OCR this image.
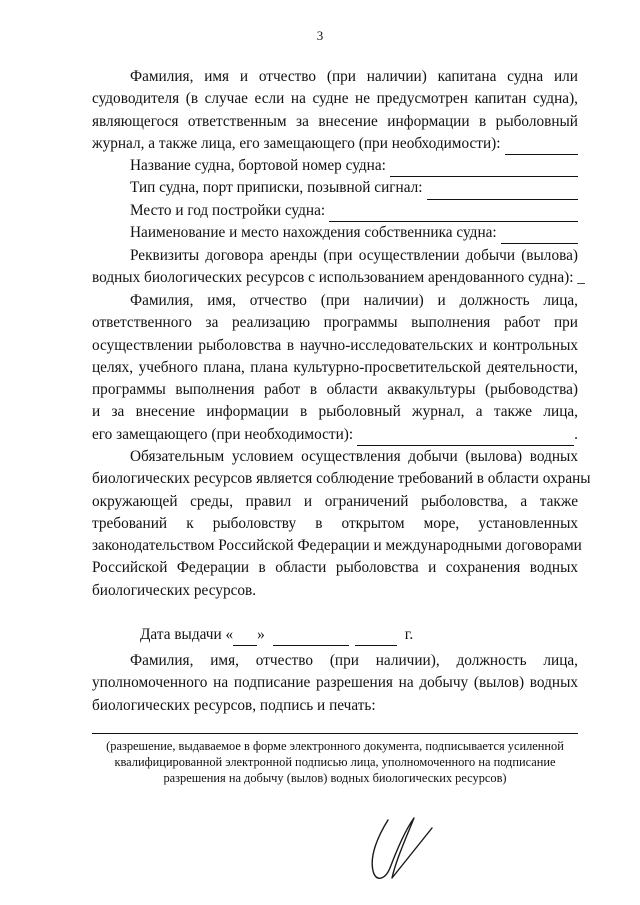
3
Фамилия, имя и отчество (при наличии) капитана судна или
судоводителя (в случае если на судне не предусмотрен капитан судна),
являющегося ответственным за внесение информации в рыболовный
журнал, а также лица, его замещающего (при необходимости):
Название судна, бортовой номер судна:
Тип судна, порт приписки, позывной сигнал:
Место и год постройки судна:
Наименование и место нахождения собственника судна:
Реквизиты договора аренды (при осуществлении добычи (вылова)
водных биологических ресурсов с использованием арендованного судна): _
Фамилия, имя, отчество (при наличии) и должность лица,
ответственного за реализацию программы выполнения работ при
осуществлении рыболовства в научно-исследовательских и контрольных
целях, учебного плана, плана культурно-просветительской деятельности,
программы выполнения работ в области аквакультуры (рыбоводства)
и за внесение информации в рыболовный журнал, а также лица,
его замещающего (при необходимости):	.
Обязательным условием осуществления добычи (вылова) водных
биологических ресурсов является соблюдение требований в области охраны
окружающей среды, правил и ограничений рыболовства, а также
требований к рыболовству в открытом море, установленных
законодательством Российской Федерации и международными договорами
Российской Федерации в области рыболовства и сохранения водных
биологических ресурсов.
Дата выдачи « »	г.
Фамилия, имя, отчество (при наличии), должность лица,
уполномоченного на подписание разрешения на добычу (вылов) водных
биологических ресурсов, подпись и печать:
(разрешение, выдаваемое в форме электронного документа, подписывается усиленной квалифицированной электронной подписью лица, уполномоченного на подписание разрешения на добычу (вылов) водных биологических ресурсов)
